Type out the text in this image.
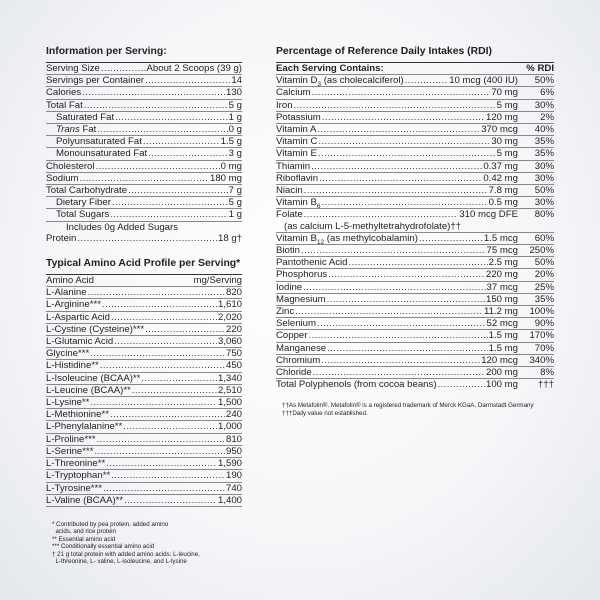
Information per Serving:
Serving Size .....	About 2 Scoops (39 g)
Servings per Container .....	14
Calories .....	130
Total Fat .....	5 g
Saturated Fat .....	1 g
Trans Fat .....	0 g
Polyunsaturated Fat .....	1.5 g
Monounsaturated Fat .....	3 g
Cholesterol .....	0 mg
Sodium .....	180 mg
Total Carbohydrate .....	7 g
Dietary Fiber .....	5 g
Total Sugars .....	1 g
Includes 0g Added Sugars
Protein .....	18 g†
Typical Amino Acid Profile per Serving*
Amino Acid	mg/Serving
L-Alanine .....	820
L-Arginine*** .....	1,610
L-Aspartic Acid .....	2,020
L-Cystine (Cysteine)*** .....	220
L-Glutamic Acid .....	3,060
Glycine*** .....	750
L-Histidine** .....	450
L-Isoleucine (BCAA)** .....	1,340
L-Leucine (BCAA)** .....	2,510
L-Lysine** .....	1,500
L-Methionine** .....	240
L-Phenylalanine** .....	1,000
L-Proline*** .....	810
L-Serine*** .....	950
L-Threonine** .....	1,590
L-Tryptophan** .....	190
L-Tyrosine*** .....	740
L-Valine (BCAA)** .....	1,400
* Contributed by pea protein, added amino
acids, and rice protein
** Essential amino acid
*** Conditionally essential amino acid
† 21 g total protein with added amino acids: L-leucine,
L-threonine, L- valine, L-isoleucine, and L-lysine
Percentage of Reference Daily Intakes (RDI)
Each Serving Contains:	% RDI
Vitamin $D_3$ (as cholecalciferol) .....	10 mcg (400 IU)	50%
Calcium .....	70 mg	6%
Iron .....	5 mg	30%
Potassium .....	120 mg	2%
Vitamin A .....	370 mcg	40%
Vitamin C .....	30 mg	35%
Vitamin E .....	5 mg	35%
Thiamin .....	0.37 mg	30%
Riboflavin .....	0.42 mg	30%
Niacin .....	7.8 mg	50%
Vitamin $B_6$ .....	0.5 mg	30%
Folate .....	310 mcg DFE	80%
(as calcium L-5-methyltetrahydrofolate)††
Vitamin $B_{12}$ (as methylcobalamin) .....	1.5 mcg	60%
Biotin .....	75 mcg	250%
Pantothenic Acid .....	2.5 mg	50%
Phosphorus .....	220 mg	20%
Iodine .....	37 mcg	25%
Magnesium .....	150 mg	35%
Zinc .....	11.2 mg	100%
Selenium .....	52 mcg	90%
Copper .....	1.5 mg	170%
Manganese .....	1.5 mg	70%
Chromium .....	120 mcg	340%
Chloride .....	200 mg	8%
Total Polyphenols (from cocoa beans) .....	100 mg	†††
††As Metafolin®. Metafolin® is a registered trademark of Merck KGaA, Darmstadt Germany
†††Daily value not established.
